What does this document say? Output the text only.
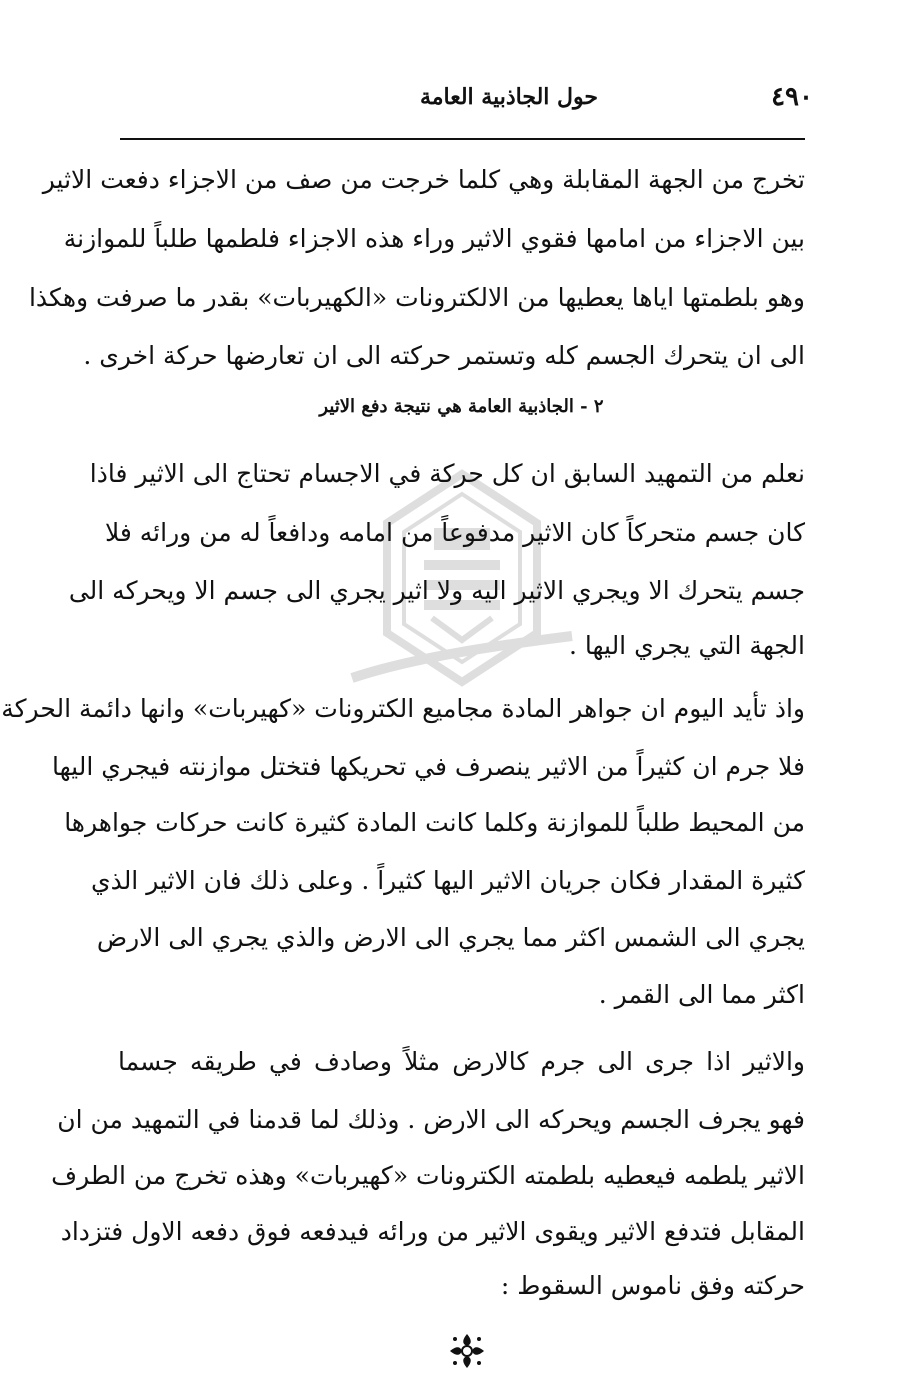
٤٩٠
حول الجاذبية العامة
تخرج من الجهة المقابلة وهي كلما خرجت من صف من الاجزاء دفعت الاثير
بين الاجزاء من امامها فقوي الاثير وراء هذه الاجزاء فلطمها طلباً للموازنة
وهو بلطمتها اياها يعطيها من الالكترونات «الكهيربات» بقدر ما صرفت وهكذا
الى ان يتحرك الجسم كله وتستمر حركته الى ان تعارضها حركة اخرى .
٢ - الجاذبية العامة هي نتيجة دفع الاثير
نعلم من التمهيد السابق ان كل حركة في الاجسام تحتاج الى الاثير فاذا
كان جسم متحركاً كان الاثير مدفوعاً من امامه ودافعاً له من ورائه فلا
جسم يتحرك الا ويجري الاثير اليه ولا اثير يجري الى جسم الا ويحركه الى
الجهة التي يجري اليها .
واذ تأيد اليوم ان جواهر المادة مجاميع الكترونات «كهيربات» وانها دائمة الحركة
فلا جرم ان كثيراً من الاثير ينصرف في تحريكها فتختل موازنته فيجري اليها
من المحيط طلباً للموازنة وكلما كانت المادة كثيرة كانت حركات جواهرها
كثيرة المقدار فكان جريان الاثير اليها كثيراً . وعلى ذلك فان الاثير الذي
يجري الى الشمس اكثر مما يجري الى الارض والذي يجري الى الارض
اكثر مما الى القمر .
والاثير اذا جرى الى جرم كالارض مثلاً وصادف في طريقه جسما
فهو يجرف الجسم ويحركه الى الارض . وذلك لما قدمنا في التمهيد من ان
الاثير يلطمه فيعطيه بلطمته الكترونات «كهيربات» وهذه تخرج من الطرف
المقابل فتدفع الاثير ويقوى الاثير من ورائه فيدفعه فوق دفعه الاول فتزداد
حركته وفق ناموس السقوط :
